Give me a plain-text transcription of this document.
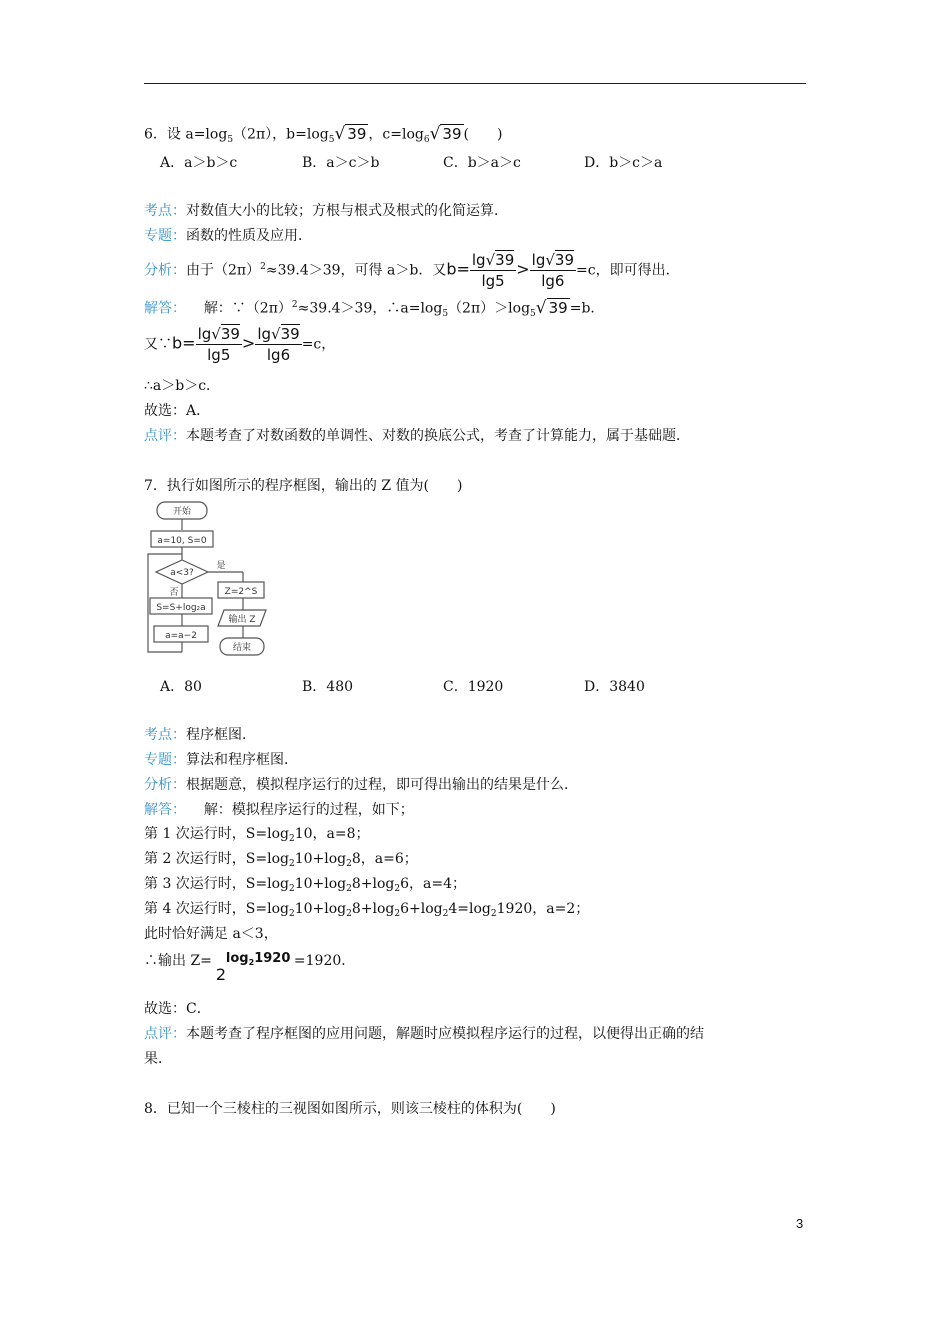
6．设 $a=\log_5(2\pi)$，$b=\log_5√$ 39 ，$c=\log_6√$ 39 (　　)
A．a＞b＞c	B．a＞c＞b	C．b＞a＞c	D．b＞c＞a
考点：对数值大小的比较；方根与根式及根式的化简运算．
专题：函数的性质及应用．
分析：由于$(2\pi)^2\approx 39.4>39$，可得 a＞b．又$b= \frac{\lg√39}{\lg 5} > \frac{\lg√39}{\lg 6} =c$，即可得出．
解答： 解：$\because(2\pi)^2\approx 39.4>39$，$\therefore a=\log_5(2\pi)>\log_5√$ 39 =b．
又∵b= $\frac{\lg√39}{\lg 5} > \frac{\lg√39}{\lg 6} =c$，
∴a＞b＞c．
故选：A．
点评：本题考查了对数函数的单调性、对数的换底公式，考查了计算能力，属于基础题．
7．执行如图所示的程序框图，输出的 Z 值为(　　)
开始
a=10, S=0
a<3?
是
否	Z=2^S
输出 Z
结束
S=S+log₂a
a=a−2
A．80	B．480	C．1920	D．3840
考点：程序框图．
专题：算法和程序框图．
分析：根据题意，模拟程序运行的过程，即可得出输出的结果是什么．
解答： 解：模拟程序运行的过程，如下；
第 1 次运行时，$S=\log_210$，a=8；
第 2 次运行时，$S=\log_210+\log_28$，a=6；
第 3 次运行时，$S=\log_210+\log_28+\log_26$，a=4；
第 4 次运行时，$S=\log_210+\log_28+\log_26+\log_24=\log_21920$，a=2；
此时恰好满足 a＜3，
∴输出 Z=
2
$\log_21920 =1920$．
故选：C．
点评：本题考查了程序框图的应用问题，解题时应模拟程序运行的过程，以便得出正确的结
果．
8．已知一个三棱柱的三视图如图所示，则该三棱柱的体积为(　　)
3
